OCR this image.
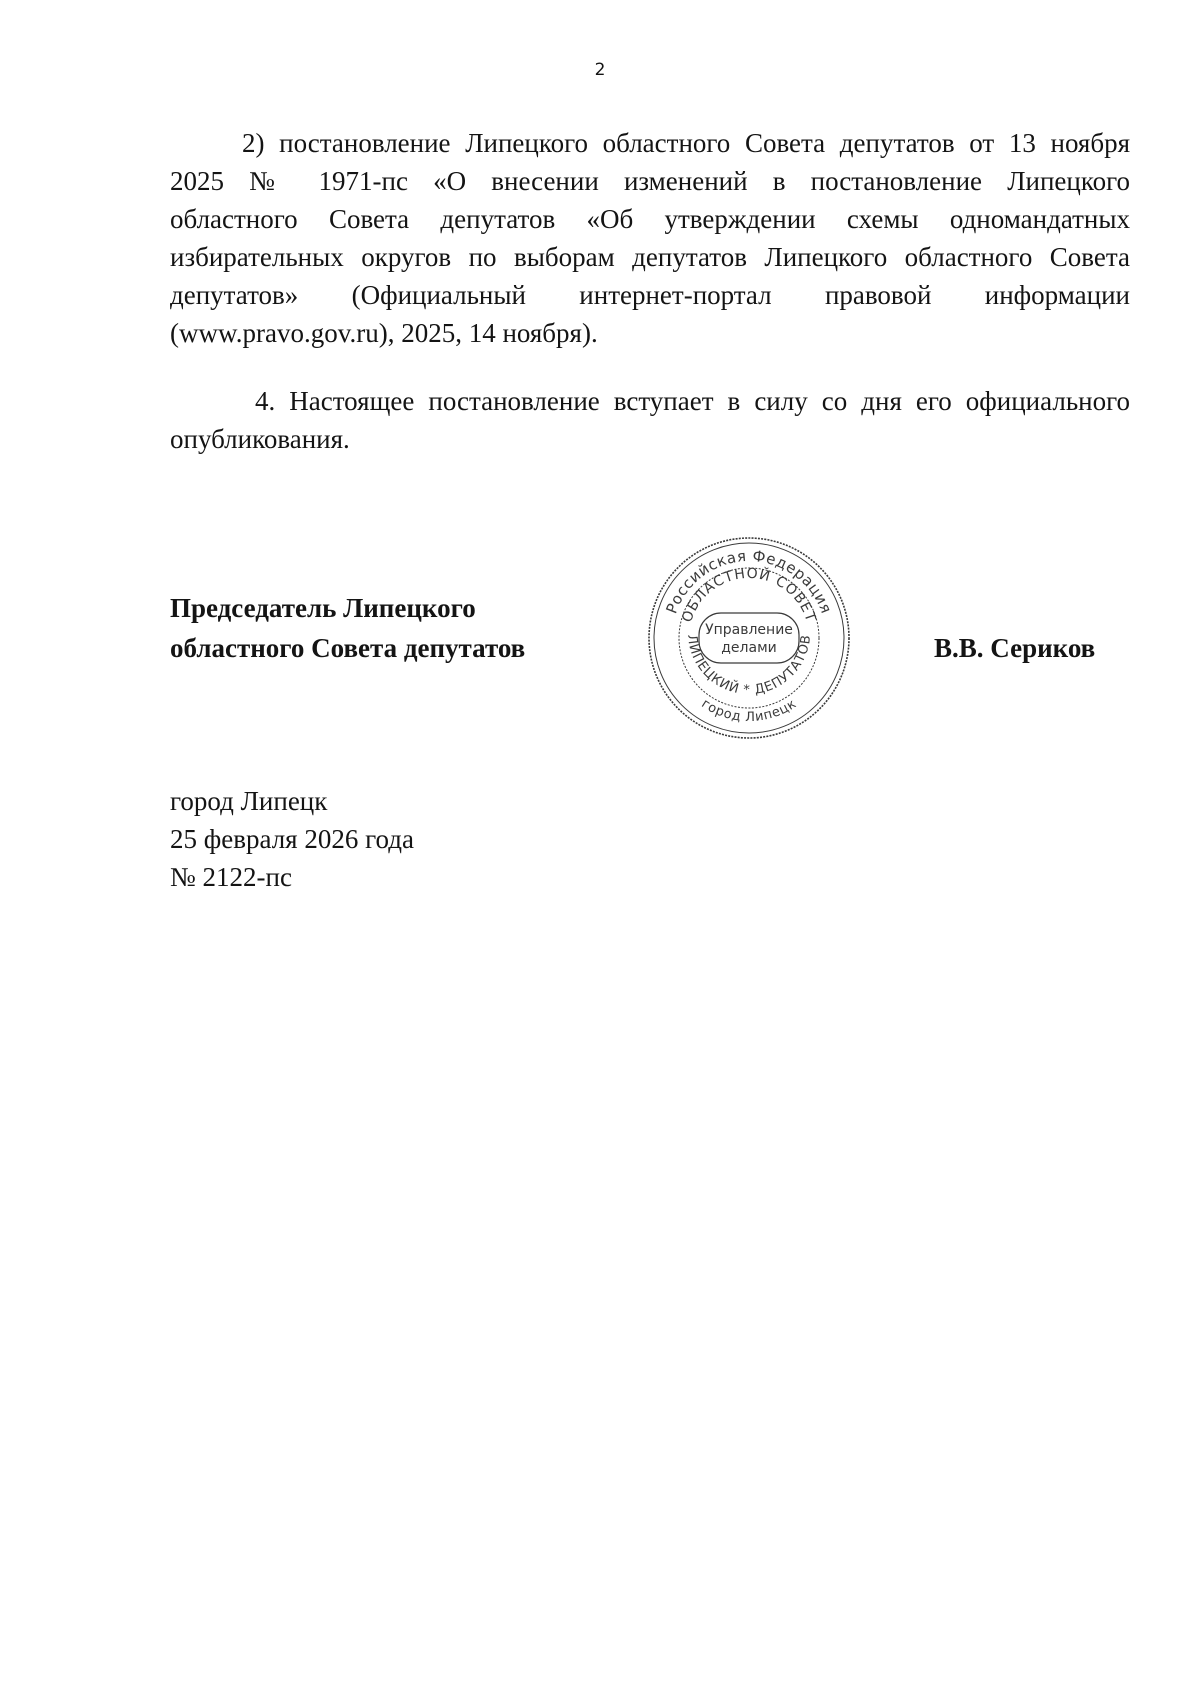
2
2) постановление Липецкого областного Совета депутатов от 13 ноября
2025 № 1971-пс «О внесении изменений в постановление Липецкого
областного Совета депутатов «Об утверждении схемы одномандатных
избирательных округов по выборам депутатов Липецкого областного Совета
депутатов» (Официальный интернет-портал правовой информации
(www.pravo.gov.ru), 2025, 14 ноября).
4. Настоящее постановление вступает в силу со дня его официального
опубликования.
Председатель Липецкого
областного Совета депутатов	В.В. Сериков
Российская Федерация
ОБЛАСТНОЙ СОВЕТ
ЛИПЕЦКИЙ * ДЕПУТАТОВ
город Липецк
Управление
делами
город Липецк
25 февраля 2026 года
№ 2122-пс
